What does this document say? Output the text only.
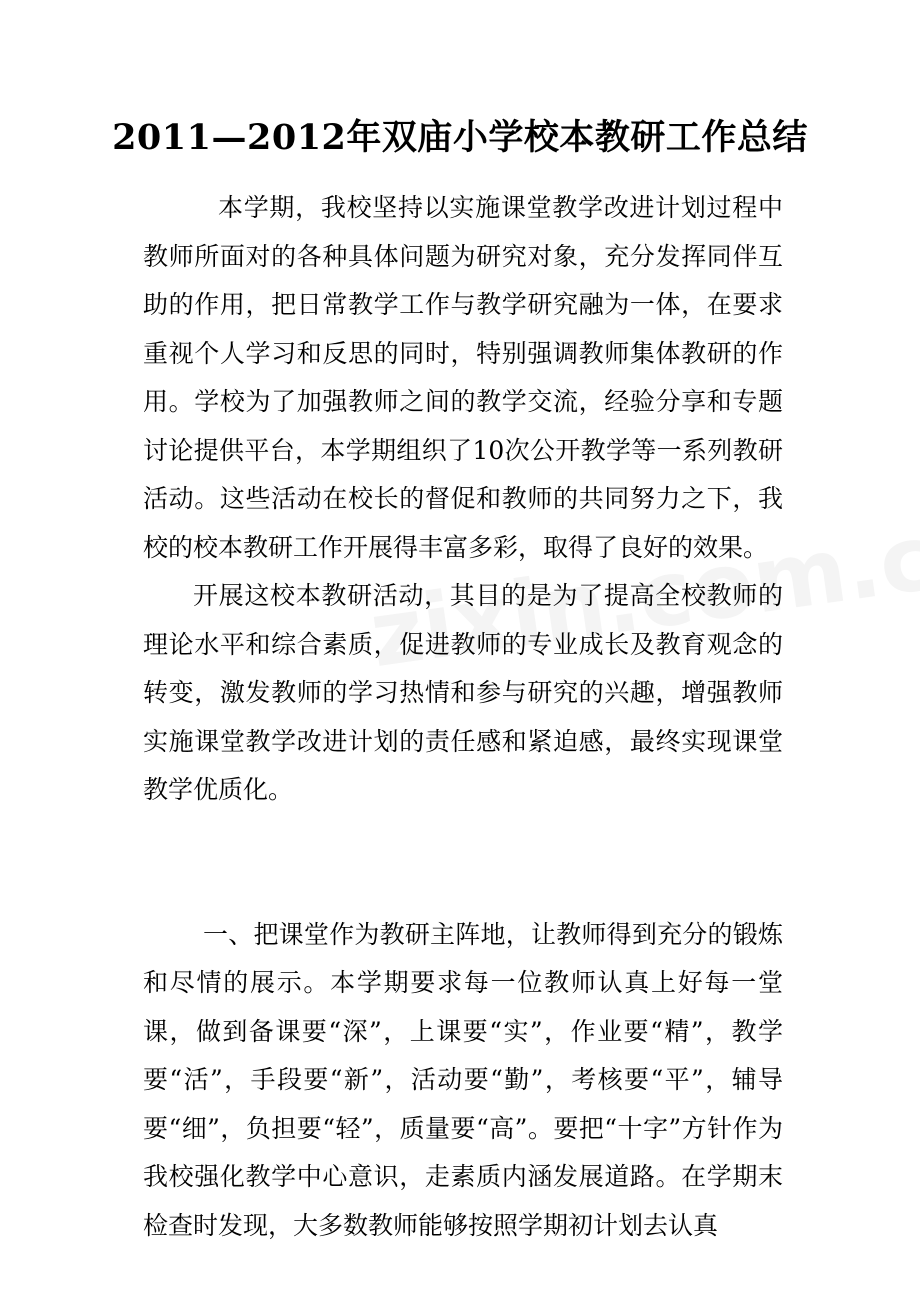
2011—2012年双庙小学校本教研工作总结

本学期，我校坚持以实施课堂教学改进计划过程中教师所面对的各种具体问题为研究对象，充分发挥同伴互助的作用，把日常教学工作与教学研究融为一体，在要求重视个人学习和反思的同时，特别强调教师集体教研的作用。学校为了加强教师之间的教学交流，经验分享和专题讨论提供平台，本学期组织了10次公开教学等一系列教研活动。这些活动在校长的督促和教师的共同努力之下，我校的校本教研工作开展得丰富多彩，取得了良好的效果。

开展这校本教研活动，其目的是为了提高全校教师的理论水平和综合素质，促进教师的专业成长及教育观念的转变，激发教师的学习热情和参与研究的兴趣，增强教师实施课堂教学改进计划的责任感和紧迫感，最终实现课堂教学优质化。

一、把课堂作为教研主阵地，让教师得到充分的锻炼和尽情的展示。本学期要求每一位教师认真上好每一堂课，做到备课要“深”，上课要“实”，作业要“精”，教学要“活”，手段要“新”，活动要“勤”，考核要“平”，辅导要“细”，负担要“轻”，质量要“高”。要把“十字”方针作为我校强化教学中心意识，走素质内涵发展道路。在学期末检查时发现，大多数教师能够按照学期初计划去认真
